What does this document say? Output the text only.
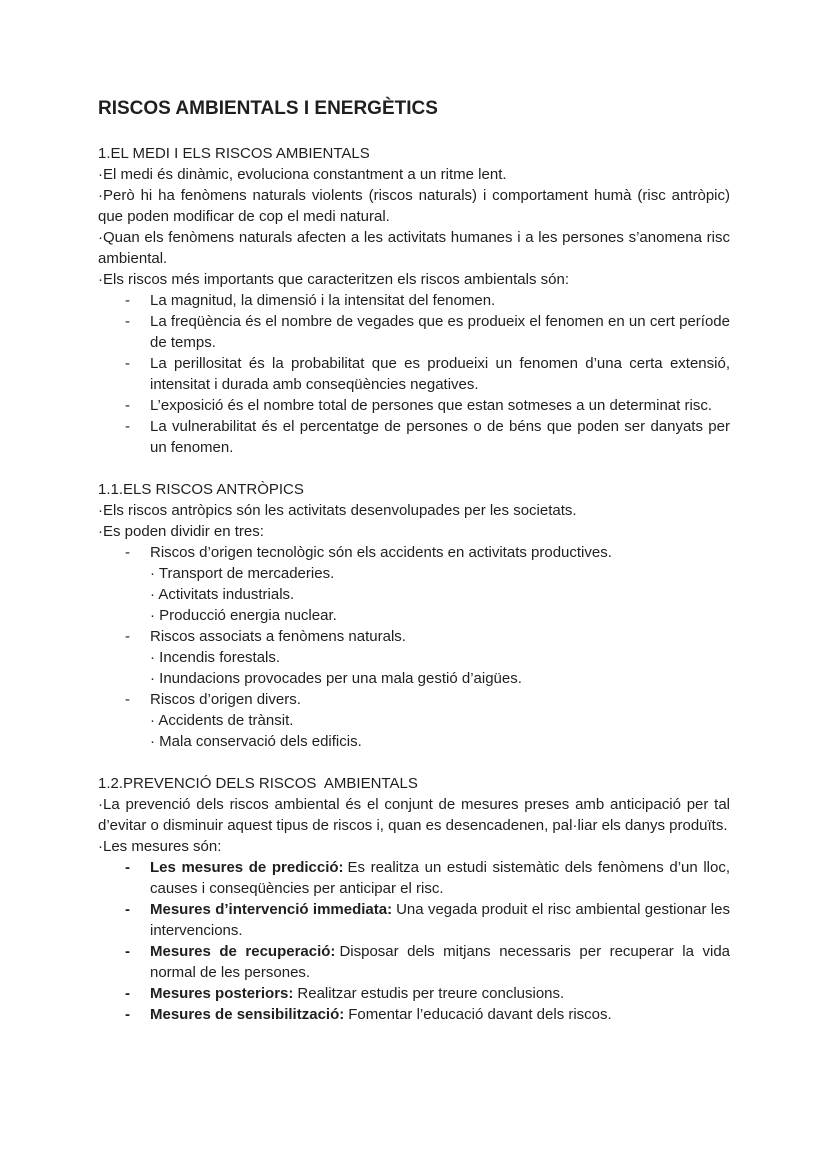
RISCOS AMBIENTALS I ENERGÈTICS

1.EL MEDI I ELS RISCOS AMBIENTALS

·El medi és dinàmic, evoluciona constantment a un ritme lent.

·Però hi ha fenòmens naturals violents (riscos naturals) i comportament humà (risc antròpic) que poden modificar de cop el medi natural.

·Quan els fenòmens naturals afecten a les activitats humanes i a les persones s’anomena risc ambiental.

·Els riscos més importants que caracteritzen els riscos ambientals són:

-	La magnitud, la dimensió i la intensitat del fenomen.
-	La freqüència és el nombre de vegades que es produeix el fenomen en un cert període de temps.
-	La perillositat és la probabilitat que es produeixi un fenomen d’una certa extensió, intensitat i durada amb conseqüències negatives.
-	L’exposició és el nombre total de persones que estan sotmeses a un determinat risc.
-	La vulnerabilitat és el percentatge de persones o de béns que poden ser danyats per un fenomen.

1.1.ELS RISCOS ANTRÒPICS

·Els riscos antròpics són les activitats desenvolupades per les societats.

·Es poden dividir en tres:

-	Riscos d’origen tecnològic són els accidents en activitats productives.

· Transport de mercaderies.

· Activitats industrials.

· Producció energia nuclear.

-	Riscos associats a fenòmens naturals.

· Incendis forestals.

· Inundacions provocades per una mala gestió d’aigües.

-	Riscos d’origen divers.

· Accidents de trànsit.

· Mala conservació dels edificis.

1.2.PREVENCIÓ DELS RISCOS  AMBIENTALS

·La prevenció dels riscos ambiental és el conjunt de mesures preses amb anticipació per tal d’evitar o disminuir aquest tipus de riscos i, quan es desencadenen, pal·liar els danys produïts.

·Les mesures són:

-	Les mesures de predicció: Es realitza un estudi sistemàtic dels fenòmens d’un lloc, causes i conseqüències per anticipar el risc.
-	Mesures d’intervenció immediata: Una vegada produit el risc ambiental gestionar les intervencions.
-	Mesures de recuperació: Disposar dels mitjans necessaris per recuperar la vida normal de les persones.
-	Mesures posteriors: Realitzar estudis per treure conclusions.
-	Mesures de sensibilització: Fomentar l’educació davant dels riscos.
